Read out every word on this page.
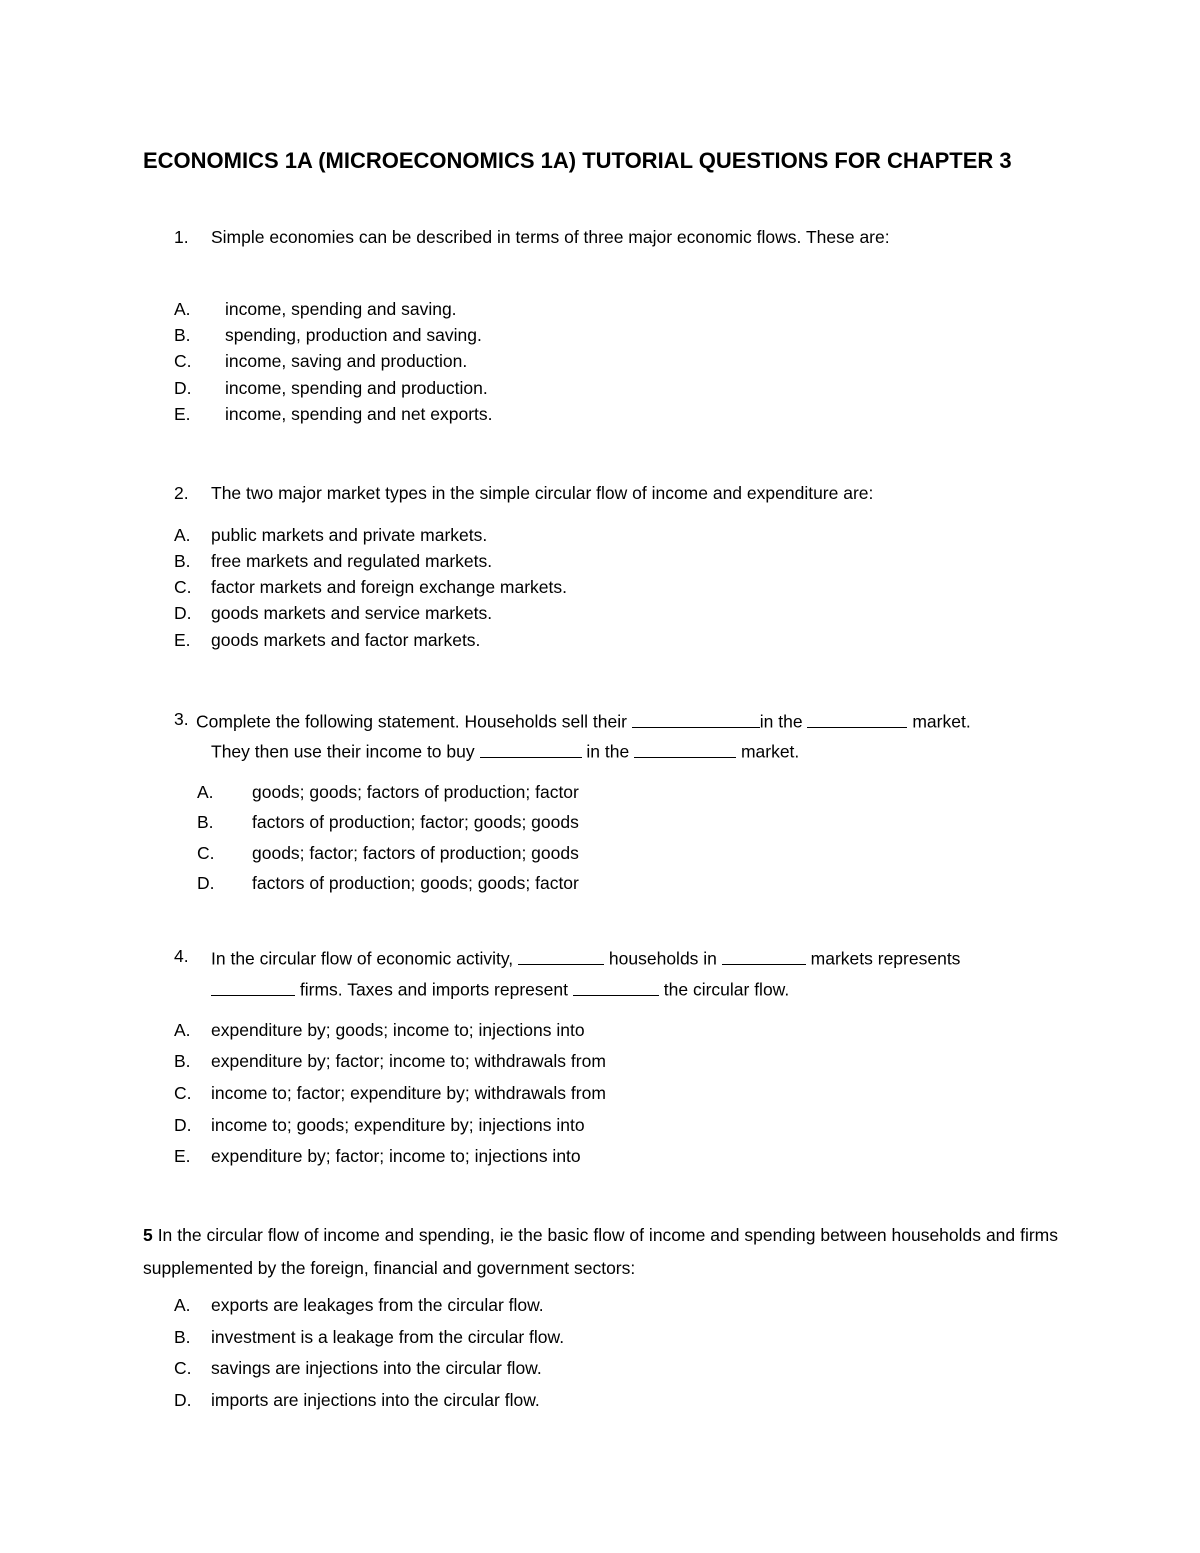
ECONOMICS 1A (MICROECONOMICS 1A) TUTORIAL QUESTIONS FOR CHAPTER 3
1. Simple economies can be described in terms of three major economic flows. These are:
A. income, spending and saving.
B. spending, production and saving.
C. income, saving and production.
D. income, spending and production.
E. income, spending and net exports.
2. The two major market types in the simple circular flow of income and expenditure are:
A. public markets and private markets.
B. free markets and regulated markets.
C. factor markets and foreign exchange markets.
D. goods markets and service markets.
E. goods markets and factor markets.
3. Complete the following statement. Households sell their	in the	market.
They then use their income to buy	in the	market.
A. goods; goods; factors of production; factor
B. factors of production; factor; goods; goods
C. goods; factor; factors of production; goods
D. factors of production; goods; goods; factor
4. In the circular flow of economic activity,	households in	markets represents
firms. Taxes and imports represent	the circular flow.
A. expenditure by; goods; income to; injections into
B. expenditure by; factor; income to; withdrawals from
C. income to; factor; expenditure by; withdrawals from
D. income to; goods; expenditure by; injections into
E. expenditure by; factor; income to; injections into
5 In the circular flow of income and spending, ie the basic flow of income and spending between households and firms supplemented by the foreign, financial and government sectors:
A. exports are leakages from the circular flow.
B. investment is a leakage from the circular flow.
C. savings are injections into the circular flow.
D. imports are injections into the circular flow.
